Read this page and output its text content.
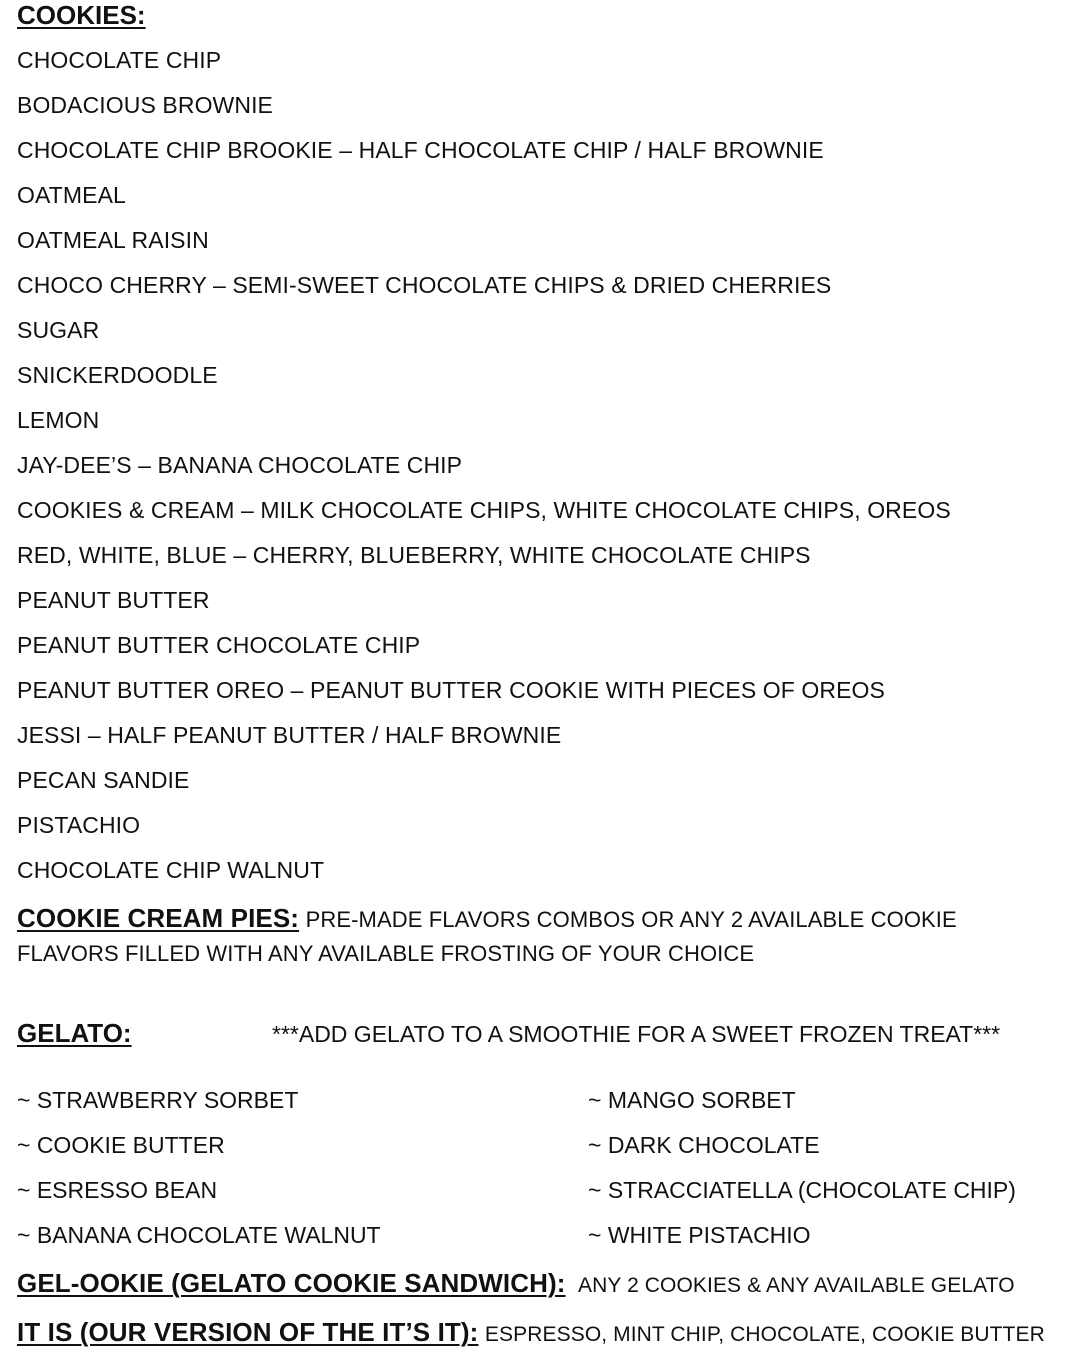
COOKIES:
CHOCOLATE CHIP
BODACIOUS BROWNIE
CHOCOLATE CHIP BROOKIE – HALF CHOCOLATE CHIP / HALF BROWNIE
OATMEAL
OATMEAL RAISIN
CHOCO CHERRY – SEMI-SWEET CHOCOLATE CHIPS & DRIED CHERRIES
SUGAR
SNICKERDOODLE
LEMON
JAY-DEE’S – BANANA CHOCOLATE CHIP
COOKIES & CREAM – MILK CHOCOLATE CHIPS, WHITE CHOCOLATE CHIPS, OREOS
RED, WHITE, BLUE – CHERRY, BLUEBERRY, WHITE CHOCOLATE CHIPS
PEANUT BUTTER
PEANUT BUTTER CHOCOLATE CHIP
PEANUT BUTTER OREO – PEANUT BUTTER COOKIE WITH PIECES OF OREOS
JESSI – HALF PEANUT BUTTER / HALF BROWNIE
PECAN SANDIE
PISTACHIO
CHOCOLATE CHIP WALNUT
COOKIE CREAM PIES: PRE-MADE FLAVORS COMBOS OR ANY 2 AVAILABLE COOKIE
FLAVORS FILLED WITH ANY AVAILABLE FROSTING OF YOUR CHOICE
GELATO:	***ADD GELATO TO A SMOOTHIE FOR A SWEET FROZEN TREAT***
~ STRAWBERRY SORBET
~ COOKIE BUTTER
~ ESRESSO BEAN
~ BANANA CHOCOLATE WALNUT
~ MANGO SORBET
~ DARK CHOCOLATE
~ STRACCIATELLA (CHOCOLATE CHIP)
~ WHITE PISTACHIO
GEL-OOKIE (GELATO COOKIE SANDWICH): ANY 2 COOKIES & ANY AVAILABLE GELATO
IT IS (OUR VERSION OF THE IT’S IT): ESPRESSO, MINT CHIP, CHOCOLATE, COOKIE BUTTER
